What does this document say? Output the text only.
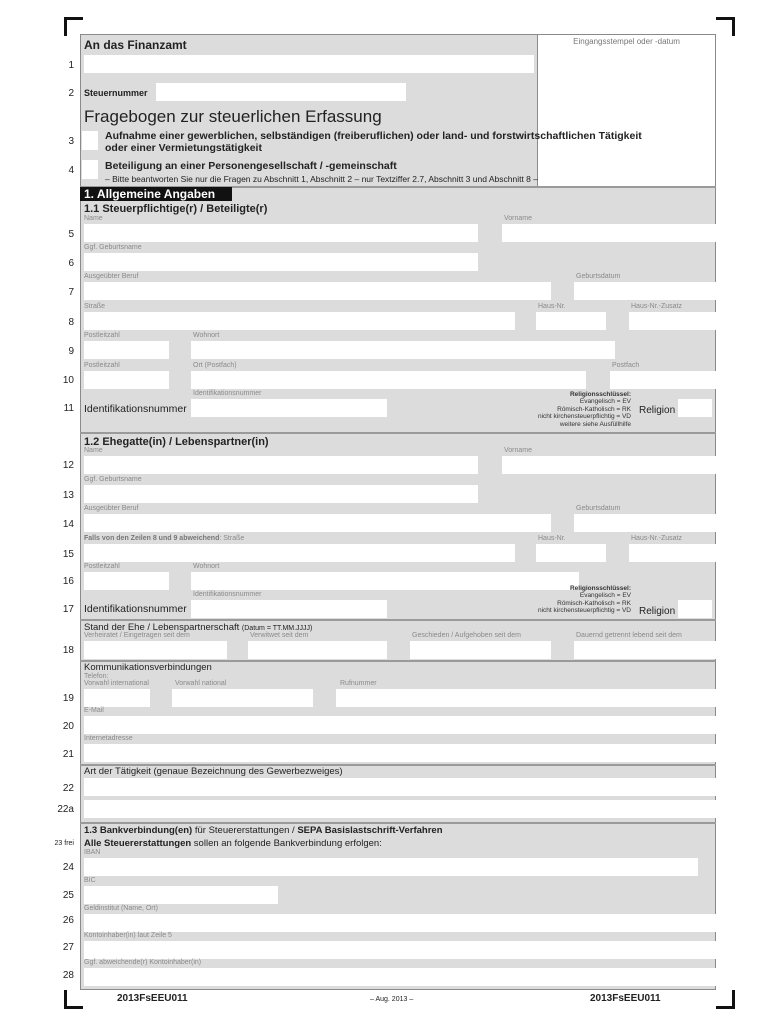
Eingangsstempel oder -datum
An das Finanzamt
1
Steuernummer
2
Fragebogen zur steuerlichen Erfassung
Aufnahme einer gewerblichen, selbständigen (freiberuflichen) oder land- und forstwirtschaftlichen Tätigkeit
oder einer Vermietungstätigkeit
3
Beteiligung an einer Personengesellschaft / -gemeinschaft
– Bitte beantworten Sie nur die Fragen zu Abschnitt 1, Abschnitt 2 – nur Textziffer 2.7, Abschnitt 3 und Abschnitt 8 –
4
1. Allgemeine Angaben
1.1 Steuerpflichtige(r) / Beteiligte(r)
Name	Vorname
5
Ggf. Geburtsname
6
Ausgeübter Beruf	Geburtsdatum
7
Straße	Haus-Nr.	Haus-Nr.-Zusatz
8
Postleitzahl	Wohnort
9
Postleitzahl	Ort (Postfach)	Postfach
10
Identifikationsnummer
Identifikationsnummer
Religionsschlüssel:
Evangelisch = EV
Römisch-Katholisch = RK
nicht kirchensteuerpflichtig = VD
weitere siehe Ausfüllhilfe
Religion
11
1.2 Ehegatte(in) / Lebenspartner(in)
Name	Vorname
12
Ggf. Geburtsname
13
Ausgeübter Beruf	Geburtsdatum
14
Falls von den Zeilen 8 und 9 abweichend: Straße	Haus-Nr.	Haus-Nr.-Zusatz
15
Postleitzahl	Wohnort
16
Identifikationsnummer
Identifikationsnummer
Religionsschlüssel:
Evangelisch = EV
Römisch-Katholisch = RK
nicht kirchensteuerpflichtig = VD Religion
17
Stand der Ehe / Lebenspartnerschaft (Datum = TT.MM.JJJJ)
Verheiratet / Eingetragen seit dem	Verwitwet seit dem	Geschieden / Aufgehoben seit dem	Dauernd getrennt lebend seit dem
18
Kommunikationsverbindungen
Telefon:
Vorwahl international	Vorwahl national	Rufnummer
19
E-Mail
20
Internetadresse
21
Art der Tätigkeit (genaue Bezeichnung des Gewerbezweiges)
22
22a
1.3 Bankverbindung(en) für Steuererstattungen / SEPA Basislastschrift-Verfahren
Alle Steuererstattungen sollen an folgende Bankverbindung erfolgen:
23 frei
IBAN
24
BIC
25
Geldinstitut (Name, Ort)
26
Kontoinhaber(in) laut Zeile 5
27
Ggf. abweichende(r) Kontoinhaber(in)
28
2013FsEEU011	– Aug. 2013 –	2013FsEEU011
